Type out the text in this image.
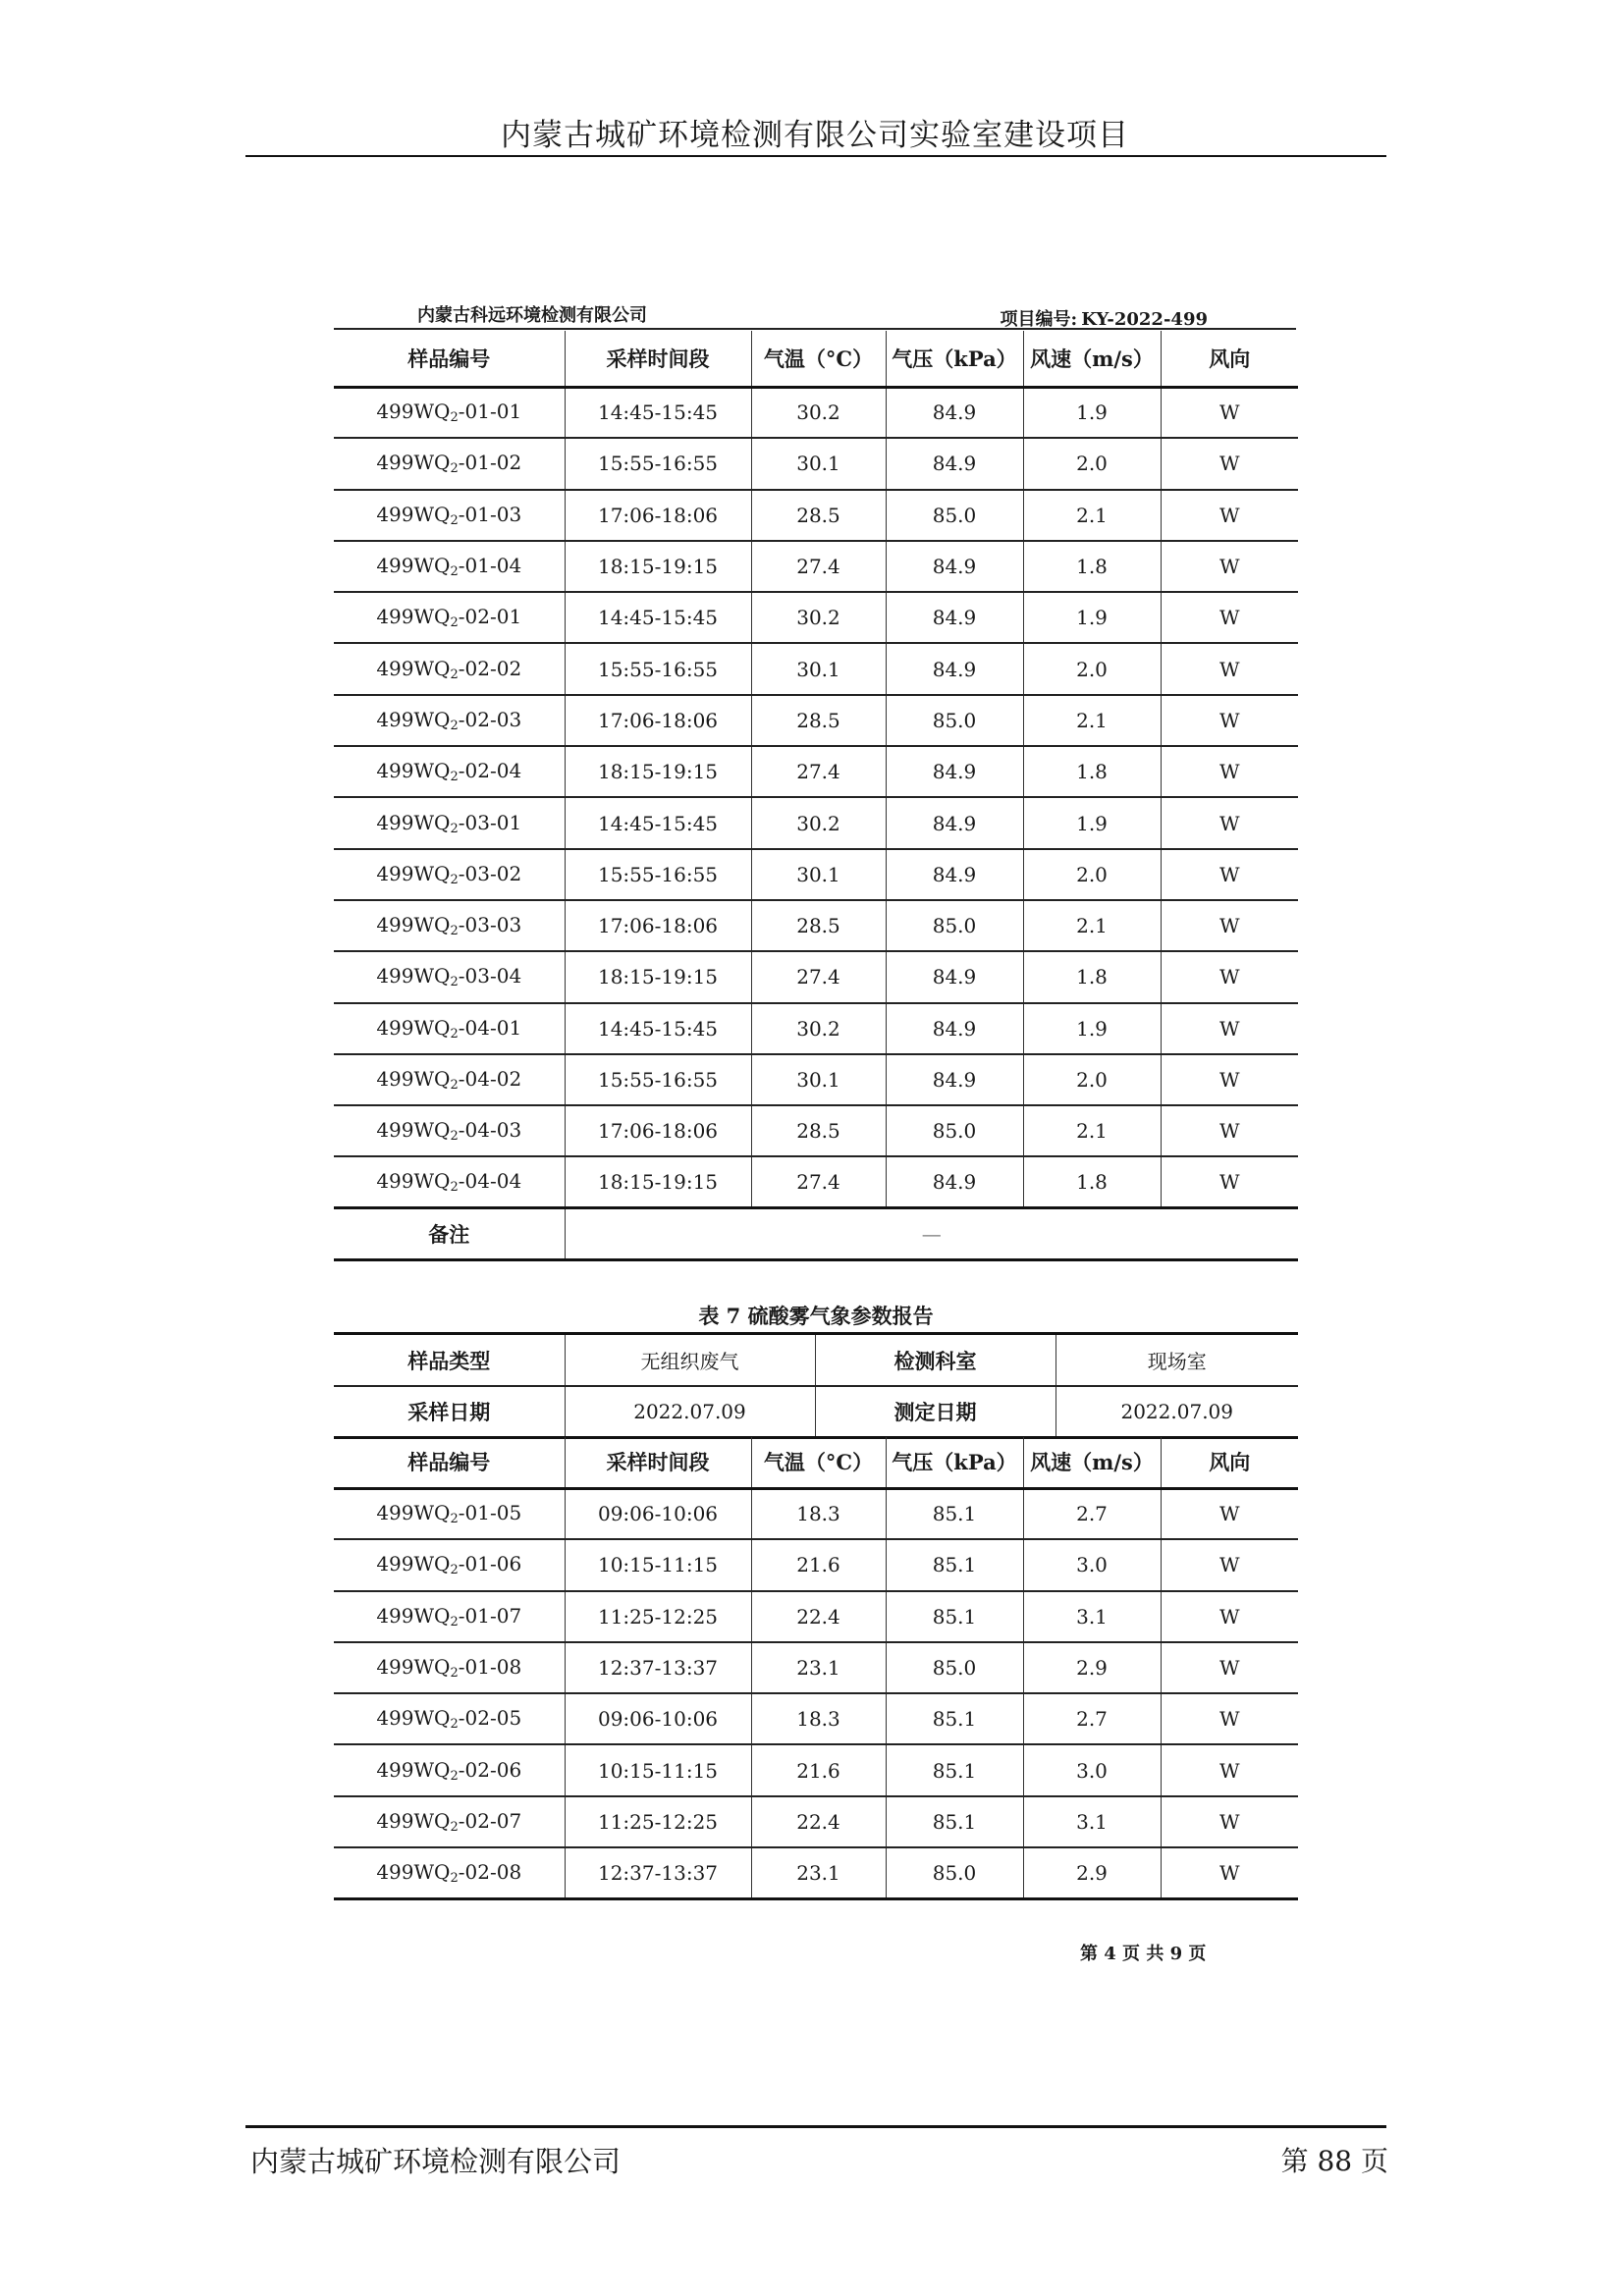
内蒙古城矿环境检测有限公司实验室建设项目
内蒙古科远环境检测有限公司	项目编号: KY-2022-499
样品编号	采样时间段	气温（°C）	气压（kPa）	风速（m/s）	风向
$499WQ_2-01-01$	14:45-15:45	30.2	84.9	1.9	W
$499WQ_2-01-02$	15:55-16:55	30.1	84.9	2.0	W
$499WQ_2-01-03$	17:06-18:06	28.5	85.0	2.1	W
$499WQ_2-01-04$	18:15-19:15	27.4	84.9	1.8	W
$499WQ_2-02-01$	14:45-15:45	30.2	84.9	1.9	W
$499WQ_2-02-02$	15:55-16:55	30.1	84.9	2.0	W
$499WQ_2-02-03$	17:06-18:06	28.5	85.0	2.1	W
$499WQ_2-02-04$	18:15-19:15	27.4	84.9	1.8	W
$499WQ_2-03-01$	14:45-15:45	30.2	84.9	1.9	W
$499WQ_2-03-02$	15:55-16:55	30.1	84.9	2.0	W
$499WQ_2-03-03$	17:06-18:06	28.5	85.0	2.1	W
$499WQ_2-03-04$	18:15-19:15	27.4	84.9	1.8	W
$499WQ_2-04-01$	14:45-15:45	30.2	84.9	1.9	W
$499WQ_2-04-02$	15:55-16:55	30.1	84.9	2.0	W
$499WQ_2-04-03$	17:06-18:06	28.5	85.0	2.1	W
$499WQ_2-04-04$	18:15-19:15	27.4	84.9	1.8	W
备注	—				
表 7 硫酸雾气象参数报告
样品类型	无组织废气	检测科室	现场室
采样日期	2022.07.09	测定日期	2022.07.09
样品编号	采样时间段	气温（°C）	气压（kPa）	风速（m/s）	风向
$499WQ_2-01-05$	09:06-10:06	18.3	85.1	2.7	W
$499WQ_2-01-06$	10:15-11:15	21.6	85.1	3.0	W
$499WQ_2-01-07$	11:25-12:25	22.4	85.1	3.1	W
$499WQ_2-01-08$	12:37-13:37	23.1	85.0	2.9	W
$499WQ_2-02-05$	09:06-10:06	18.3	85.1	2.7	W
$499WQ_2-02-06$	10:15-11:15	21.6	85.1	3.0	W
$499WQ_2-02-07$	11:25-12:25	22.4	85.1	3.1	W
$499WQ_2-02-08$	12:37-13:37	23.1	85.0	2.9	W
第 4 页 共 9 页
内蒙古城矿环境检测有限公司	第 88 页
